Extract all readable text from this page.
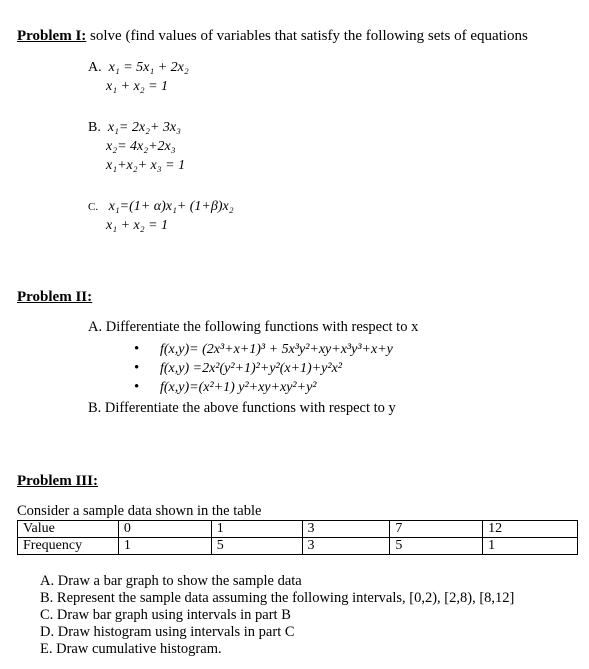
Problem I: solve (find values of variables that satisfy the following sets of equations
A. x₁ = 5x₁ + 2x₂
x₁ + x₂ = 1
B. x₁= 2x₂+ 3x₃
x₂= 4x₂+2x₃
x₁+x₂+ x₃ = 1
C. x₁=(1+ α)x₁+ (1+β)x₂
x₁ + x₂ = 1
Problem II:
A. Differentiate the following functions with respect to x
• f(x,y)= (2x³+x+1)³ + 5x³y²+xy+x³y³+x+y
• f(x,y) =2x²(y²+1)²+y²(x+1)+y²x²
• f(x,y)=(x²+1) y²+xy+xy²+y²
B. Differentiate the above functions with respect to y
Problem III:
Consider a sample data shown in the table
Value	0	1	3	7	12
Frequency	1	5	3	5	1
A. Draw a bar graph to show the sample data
B. Represent the sample data assuming the following intervals, [0,2), [2,8), [8,12]
C. Draw bar graph using intervals in part B
D. Draw histogram using intervals in part C
E. Draw cumulative histogram.
